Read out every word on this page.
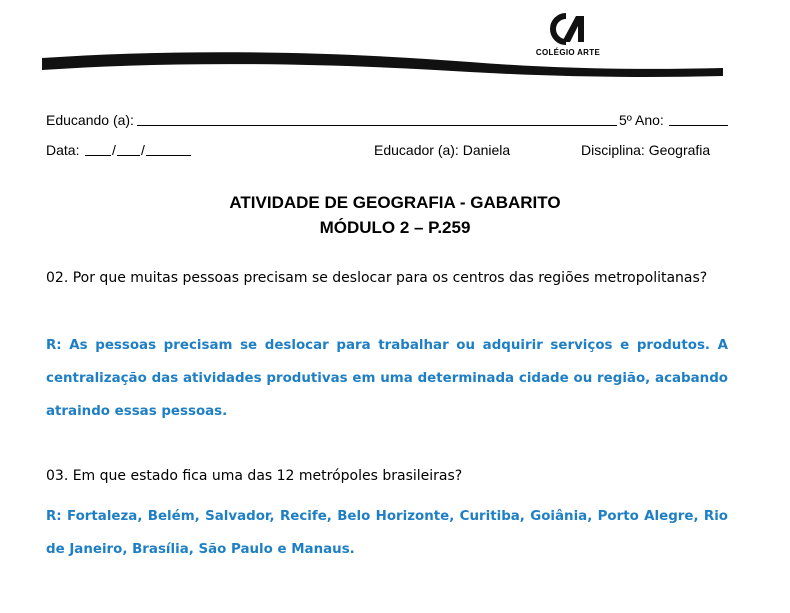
COLÉGIO ARTE
Educando (a):	5º Ano:
Data: / /	Educador (a): Daniela	Disciplina: Geografia
ATIVIDADE DE GEOGRAFIA - GABARITO
MÓDULO 2 – P.259
02. Por que muitas pessoas precisam se deslocar para os centros das regiões metropolitanas?
R: As pessoas precisam se deslocar para trabalhar ou adquirir serviços e produtos. A centralização das atividades produtivas em uma determinada cidade ou região, acabando atraindo essas pessoas.
03. Em que estado fica uma das 12 metrópoles brasileiras?
R: Fortaleza, Belém, Salvador, Recife, Belo Horizonte, Curitiba, Goiânia, Porto Alegre, Rio de Janeiro, Brasília, São Paulo e Manaus.
